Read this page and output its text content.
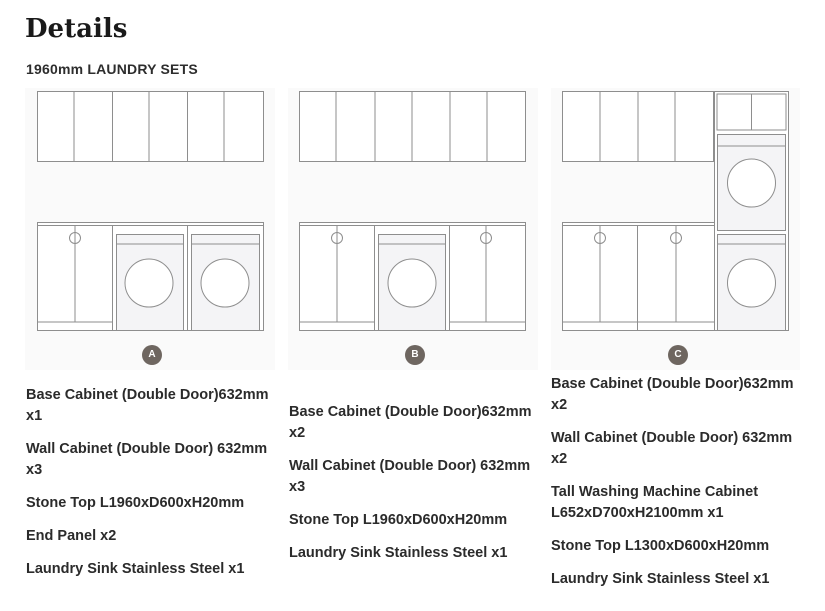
Details
1960mm LAUNDRY SETS
A	B	C

Base Cabinet (Double Door)632mm x1

Wall Cabinet (Double Door) 632mm x3

Stone Top L1960xD600xH20mm

End Panel x2

Laundry Sink Stainless Steel x1

Base Cabinet (Double Door)632mm x2

Wall Cabinet (Double Door) 632mm x3

Stone Top L1960xD600xH20mm

Laundry Sink Stainless Steel x1

Base Cabinet (Double Door)632mm x2

Wall Cabinet (Double Door) 632mm x2

Tall Washing Machine Cabinet L652xD700xH2100mm x1

Stone Top L1300xD600xH20mm

Laundry Sink Stainless Steel x1
